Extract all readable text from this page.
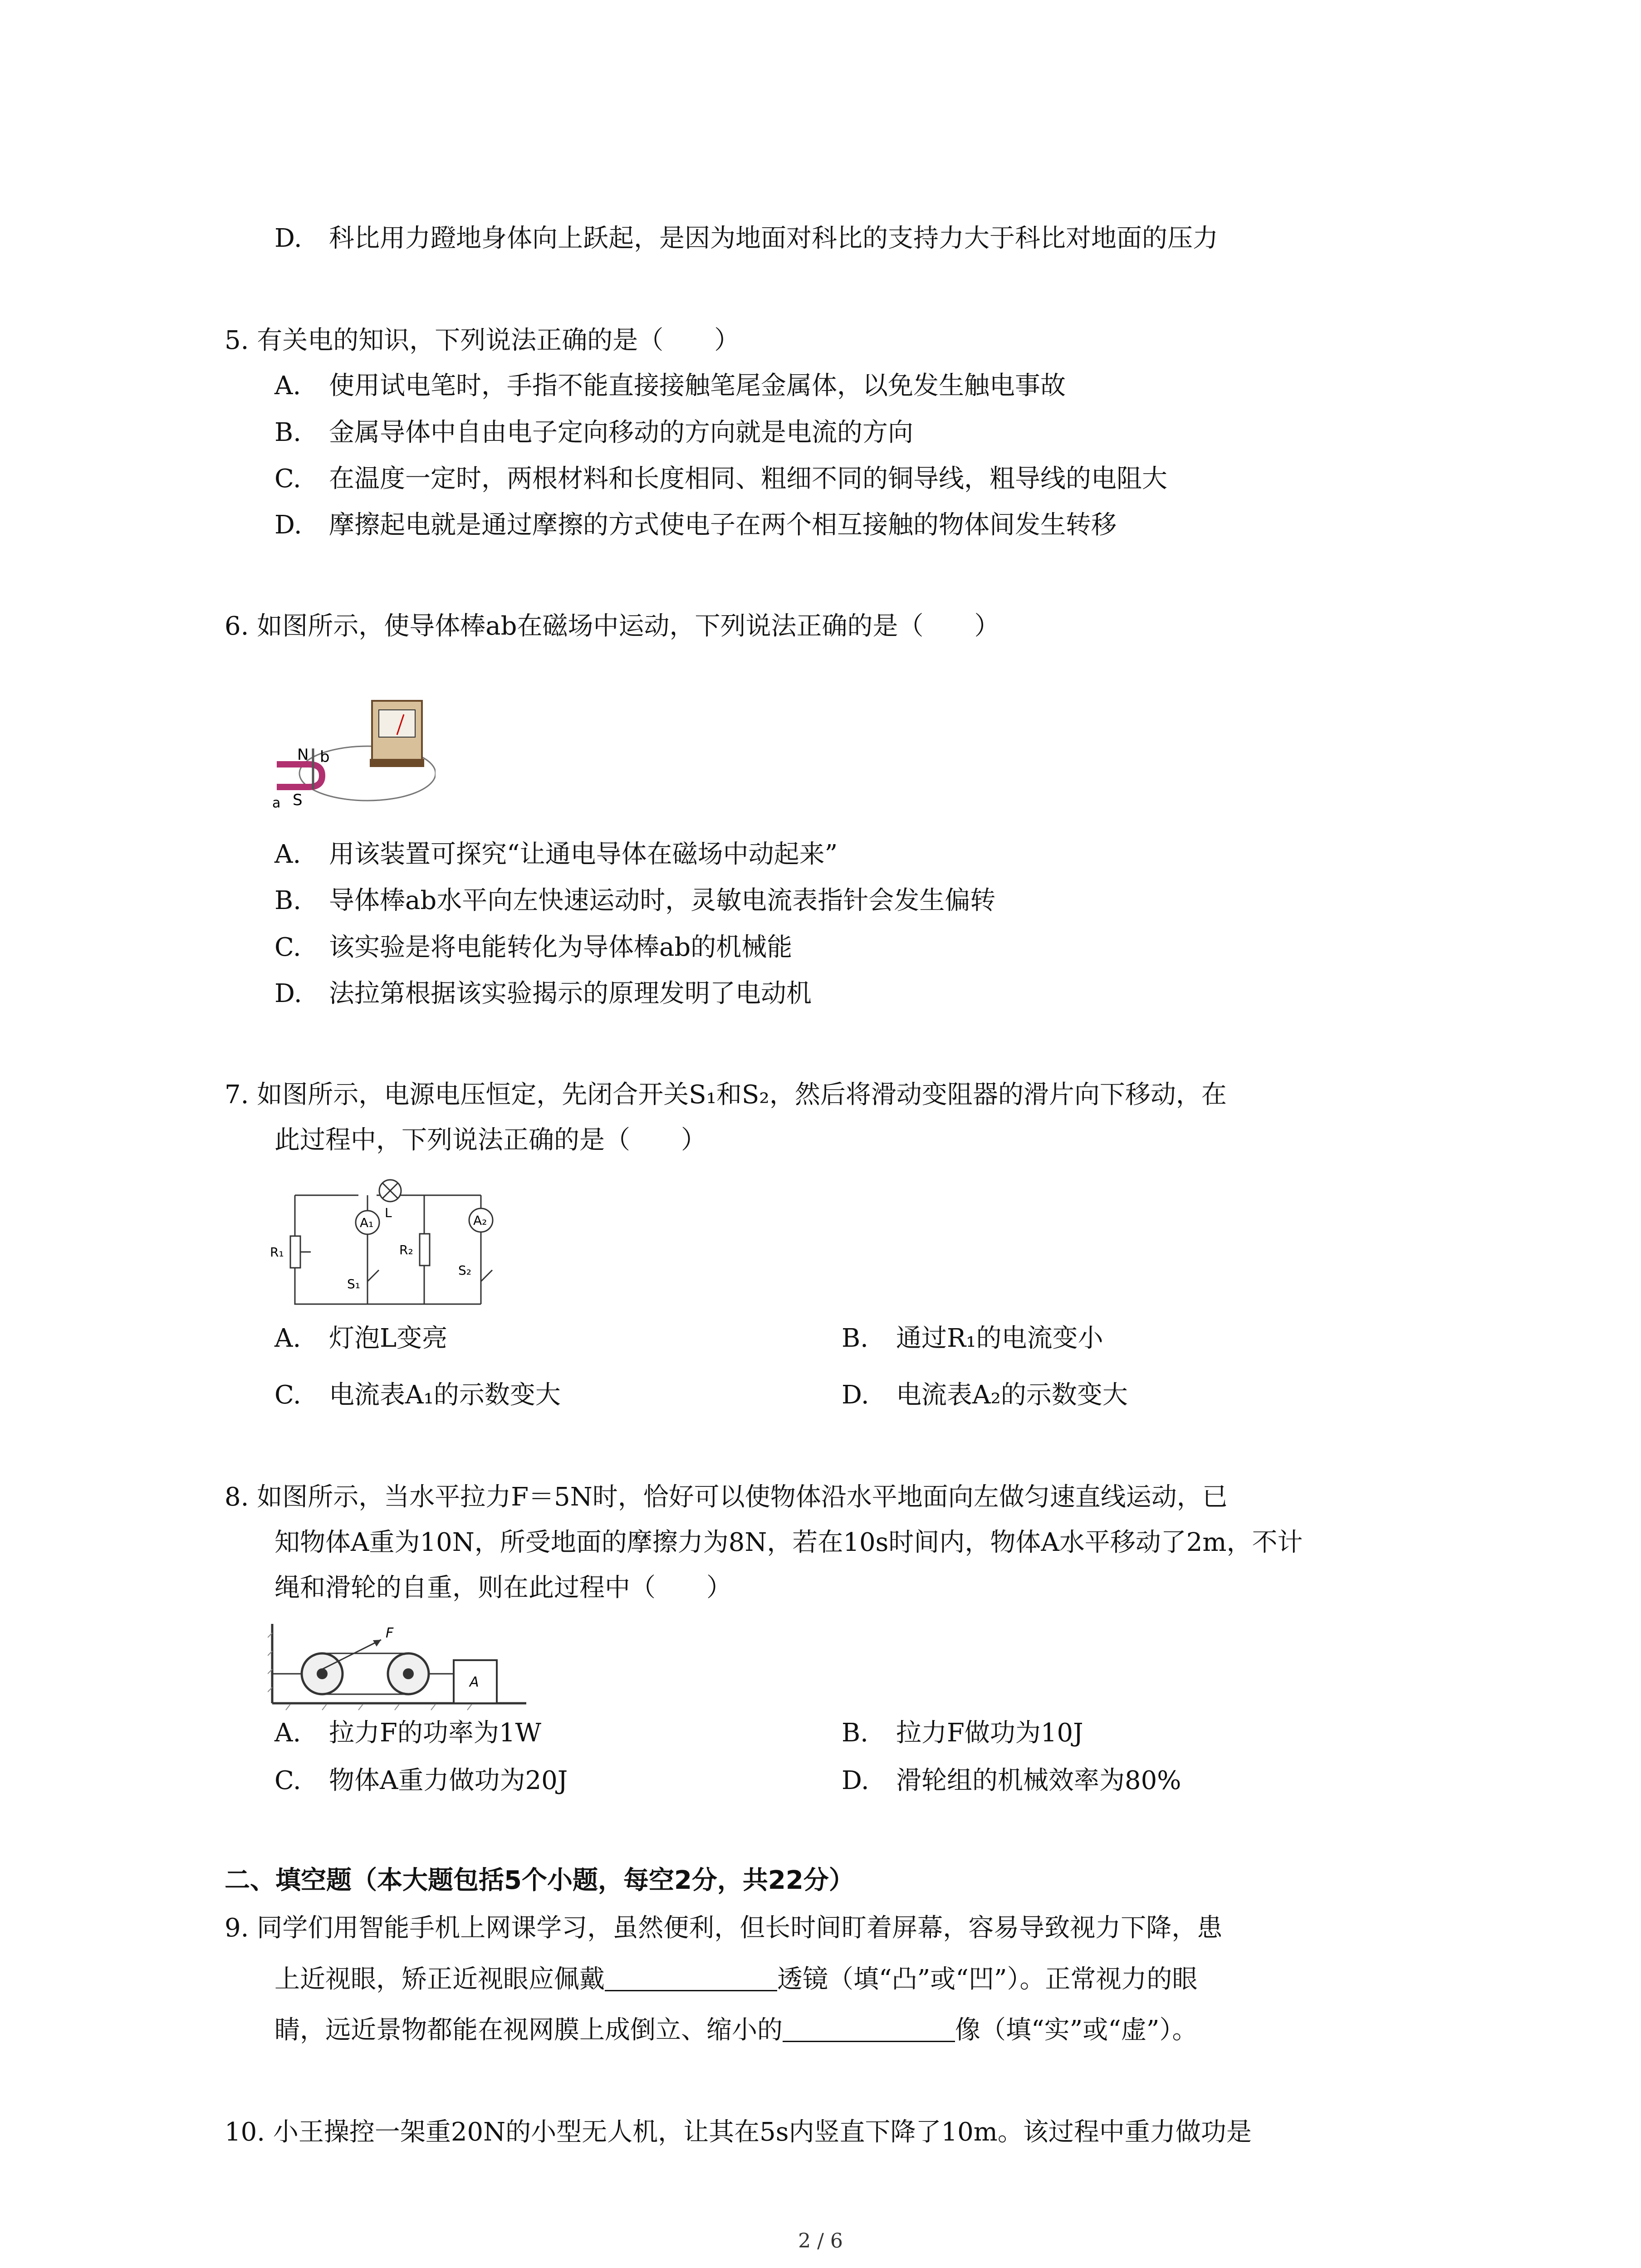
D. 科比用力蹬地身体向上跃起，是因为地面对科比的支持力大于科比对地面的压力
5. 有关电的知识，下列说法正确的是（　　）
A. 使用试电笔时，手指不能直接接触笔尾金属体，以免发生触电事故
B. 金属导体中自由电子定向移动的方向就是电流的方向
C. 在温度一定时，两根材料和长度相同、粗细不同的铜导线，粗导线的电阻大
D. 摩擦起电就是通过摩擦的方式使电子在两个相互接触的物体间发生转移
6. 如图所示，使导体棒ab在磁场中运动，下列说法正确的是（　　）
N b
S
a
A. 用该装置可探究“让通电导体在磁场中动起来”
B. 导体棒ab水平向左快速运动时，灵敏电流表指针会发生偏转
C. 该实验是将电能转化为导体棒ab的机械能
D. 法拉第根据该实验揭示的原理发明了电动机
7. 如图所示，电源电压恒定，先闭合开关S₁和S₂，然后将滑动变阻器的滑片向下移动，在
此过程中，下列说法正确的是（　　）
A₁	A₂
L
R₂
R₁
S₁
S₂
A. 灯泡L变亮	B. 通过R₁的电流变小
C. 电流表A₁的示数变大	D. 电流表A₂的示数变大
8. 如图所示，当水平拉力F＝5N时，恰好可以使物体沿水平地面向左做匀速直线运动，已
知物体A重为10N，所受地面的摩擦力为8N，若在10s时间内，物体A水平移动了2m，不计
绳和滑轮的自重，则在此过程中（　　）
F
A
A. 拉力F的功率为1W	B. 拉力F做功为10J
C. 物体A重力做功为20J	D. 滑轮组的机械效率为80%
二、填空题（本大题包括5个小题，每空2分，共22分）
9. 同学们用智能手机上网课学习，虽然便利，但长时间盯着屏幕，容易导致视力下降，患
上近视眼，矫正近视眼应佩戴	透镜（填“凸”或“凹”）。正常视力的眼
睛，远近景物都能在视网膜上成倒立、缩小的	像（填“实”或“虚”）。
10. 小王操控一架重20N的小型无人机，让其在5s内竖直下降了10m。该过程中重力做功是
2 / 6
